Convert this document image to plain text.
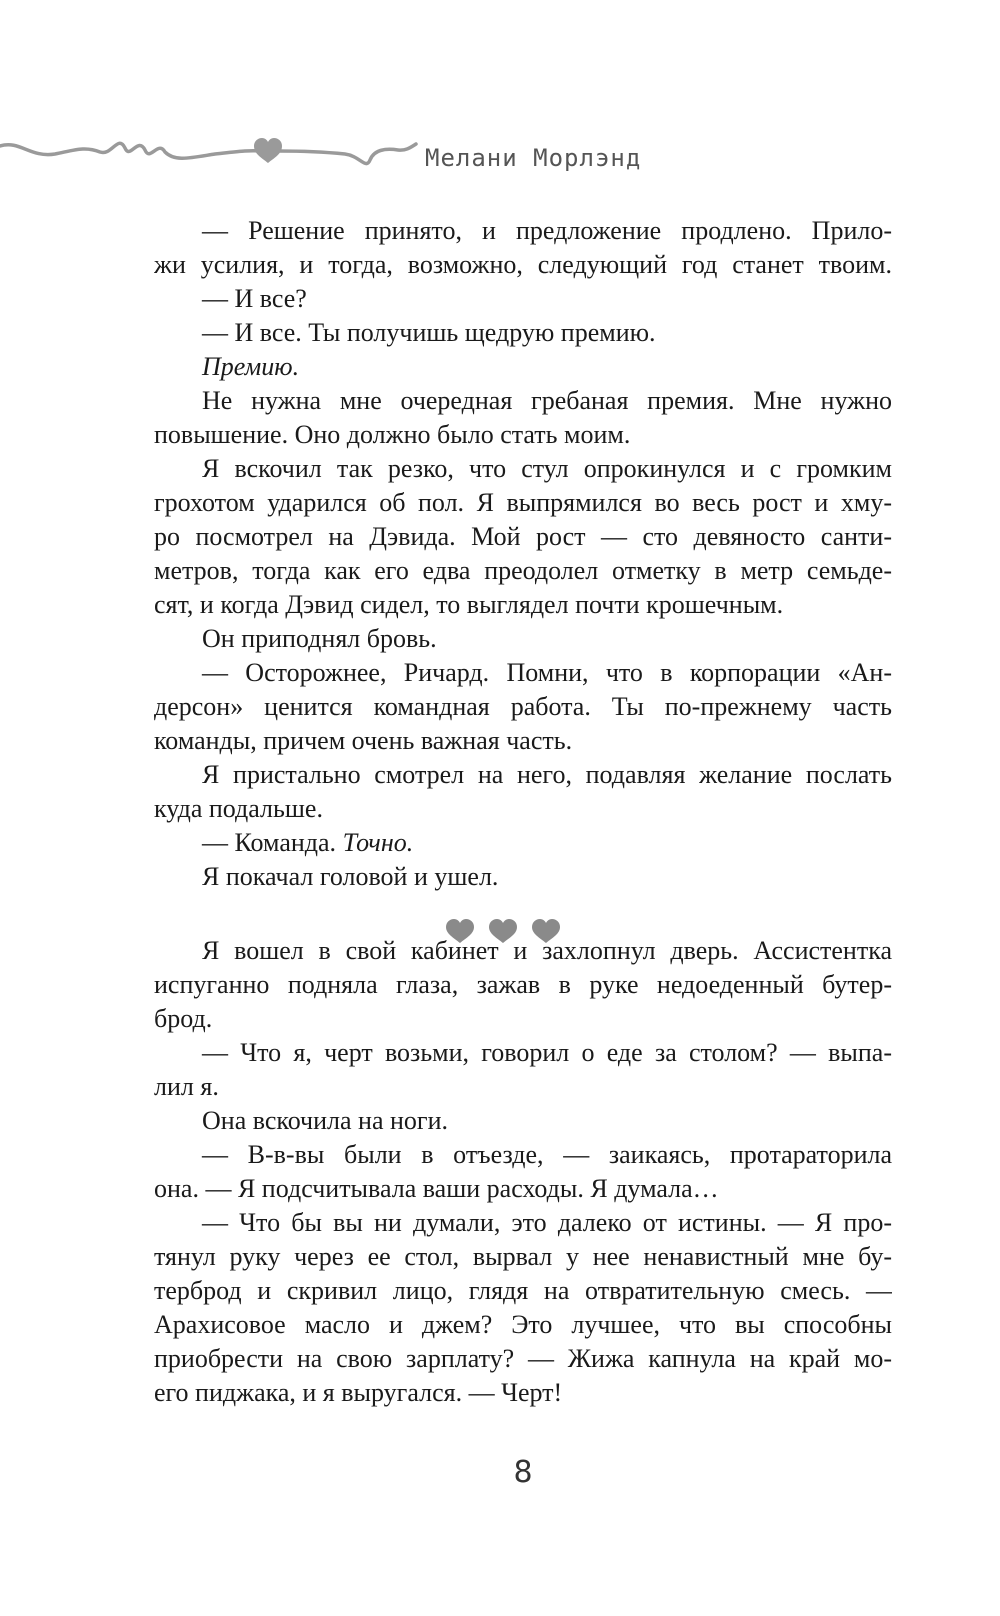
Мелани Морлэнд

— Решение принято, и предложение продлено. Прило-

жи усилия, и тогда, возможно, следующий год станет твоим.

— И все?

— И все. Ты получишь щедрую премию.

Премию.

Не нужна мне очередная гребаная премия. Мне нужно

повышение. Оно должно было стать моим.

Я вскочил так резко, что стул опрокинулся и с громким

грохотом ударился об пол. Я выпрямился во весь рост и хму-

ро посмотрел на Дэвида. Мой рост — сто девяносто санти-

метров, тогда как его едва преодолел отметку в метр семьде-

сят, и когда Дэвид сидел, то выглядел почти крошечным.

Он приподнял бровь.

— Осторожнее, Ричард. Помни, что в корпорации «Ан-

дерсон» ценится командная работа. Ты по-прежнему часть

команды, причем очень важная часть.

Я пристально смотрел на него, подавляя желание послать

куда подальше.

— Команда. Точно.

Я покачал головой и ушел.

Я вошел в свой кабинет и захлопнул дверь. Ассистентка

испуганно подняла глаза, зажав в руке недоеденный бутер-

брод.

— Что я, черт возьми, говорил о еде за столом? — выпа-

лил я.

Она вскочила на ноги.

— В-в-вы были в отъезде, — заикаясь, протараторила

она. — Я подсчитывала ваши расходы. Я думала…

— Что бы вы ни думали, это далеко от истины. — Я про-

тянул руку через ее стол, вырвал у нее ненавистный мне бу-

терброд и скривил лицо, глядя на отвратительную смесь. —

Арахисовое масло и джем? Это лучшее, что вы способны

приобрести на свою зарплату? — Жижа капнула на край мо-

его пиджака, и я выругался. — Черт!

8
